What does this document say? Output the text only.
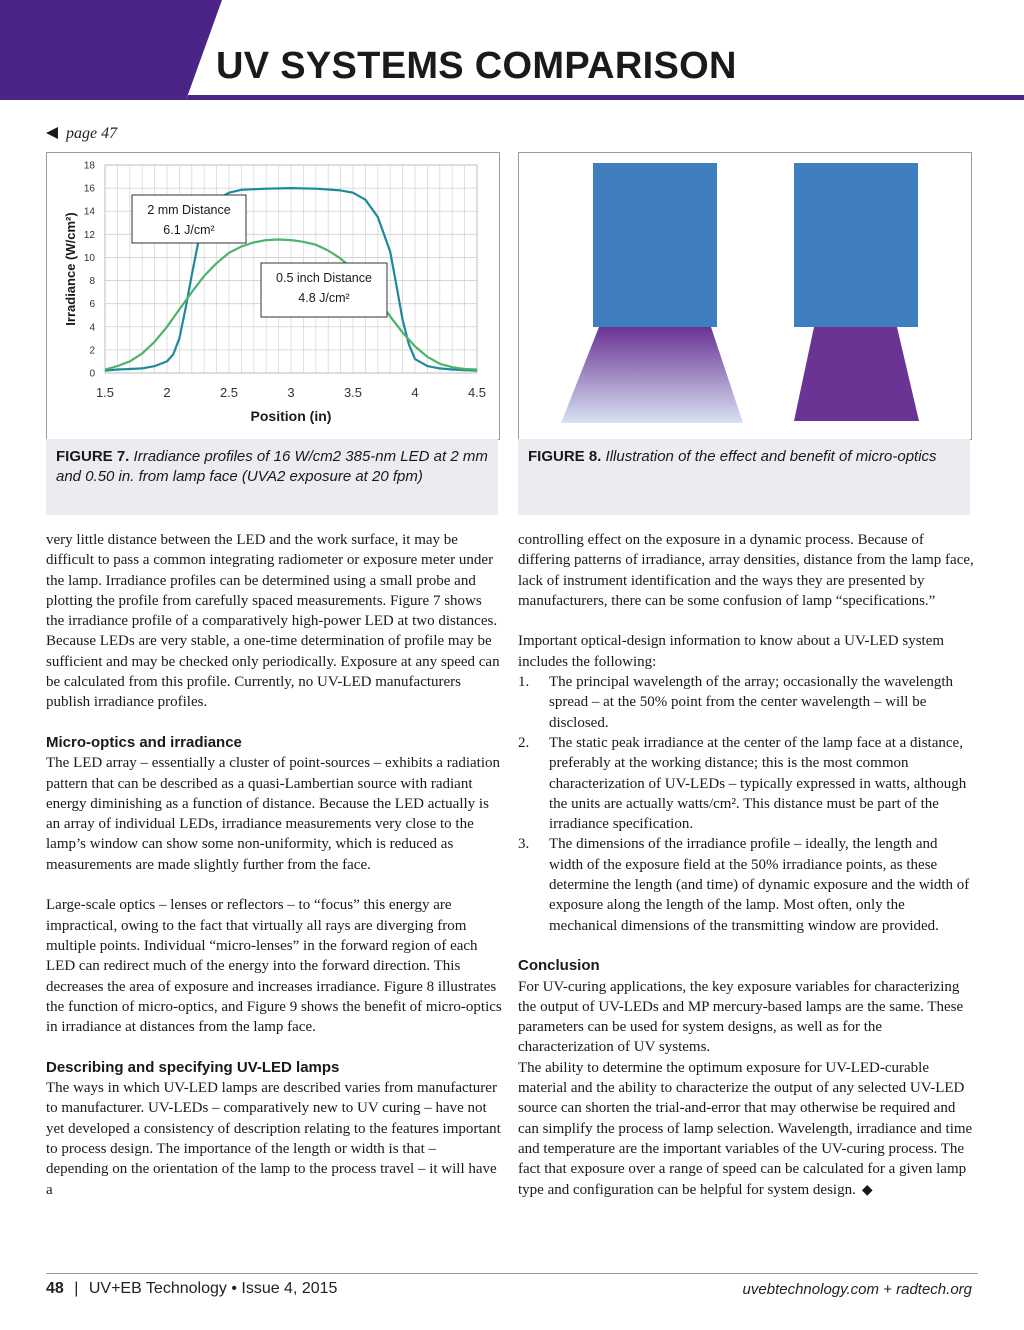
UV SYSTEMS COMPARISON
page 47
0
2
4
6
8
10
12
14
16
18
1.5	2	2.5	3	3.5	4	4.5
Position (in)
Irradiance (W/cm²)
2 mm Distance
6.1 J/cm²
0.5 inch Distance
4.8 J/cm²
FIGURE 7. Irradiance profiles of 16 W/cm2 385-nm LED at 2 mm and 0.50 in. from lamp face (UVA2 exposure at 20 fpm)
FIGURE 8. Illustration of the effect and benefit of micro-optics

very little distance between the LED and the work surface, it may be difficult to pass a common integrating radiometer or exposure meter under the lamp. Irradiance profiles can be determined using a small probe and plotting the profile from carefully spaced measurements. Figure 7 shows the irradiance profile of a comparatively high-power LED at two distances. Because LEDs are very stable, a one-time determination of profile may be sufficient and may be checked only periodically. Exposure at any speed can be calculated from this profile. Currently, no UV-LED manufacturers publish irradiance profiles.

Micro-optics and irradiance

The LED array – essentially a cluster of point-sources – exhibits a radiation pattern that can be described as a quasi-Lambertian source with radiant energy diminishing as a function of distance. Because the LED actually is an array of individual LEDs, irradiance measurements very close to the lamp’s window can show some non-uniformity, which is reduced as measurements are made slightly further from the face.

Large-scale optics – lenses or reflectors – to “focus” this energy are impractical, owing to the fact that virtually all rays are diverging from multiple points. Individual “micro-lenses” in the forward region of each LED can redirect much of the energy into the forward direction. This decreases the area of exposure and increases irradiance. Figure 8 illustrates the function of micro-optics, and Figure 9 shows the benefit of micro-optics in irradiance at distances from the lamp face.

Describing and specifying UV-LED lamps

The ways in which UV-LED lamps are described varies from manufacturer to manufacturer. UV-LEDs – comparatively new to UV curing – have not yet developed a consistency of description relating to the features important to process design. The importance of the length or width is that – depending on the orientation of the lamp to the process travel – it will have a

controlling effect on the exposure in a dynamic process. Because of differing patterns of irradiance, array densities, distance from the lamp face, lack of instrument identification and the ways they are presented by manufacturers, there can be some confusion of lamp “specifications.”

Important optical-design information to know about a UV-LED system includes the following:

1.	The principal wavelength of the array; occasionally the wavelength spread – at the 50% point from the center wavelength – will be disclosed.
2.	The static peak irradiance at the center of the lamp face at a distance, preferably at the working distance; this is the most common characterization of UV-LEDs – typically expressed in watts, although the units are actually watts/cm². This distance must be part of the irradiance specification.
3.	The dimensions of the irradiance profile – ideally, the length and width of the exposure field at the 50% irradiance points, as these determine the length (and time) of dynamic exposure and the width of exposure along the length of the lamp. Most often, only the mechanical dimensions of the transmitting window are provided.
Conclusion

For UV-curing applications, the key exposure variables for characterizing the output of UV-LEDs and MP mercury-based lamps are the same. These parameters can be used for system designs, as well as for the characterization of UV systems.

The ability to determine the optimum exposure for UV-LED-curable material and the ability to characterize the output of any selected UV-LED source can shorten the trial-and-error that may otherwise be required and can simplify the process of lamp selection. Wavelength, irradiance and time and temperature are the important variables of the UV-curing process. The fact that exposure over a range of speed can be calculated for a given lamp type and configuration can be helpful for system design. ◆

48 | UV+EB Technology • Issue 4, 2015	uvebtechnology.com + radtech.org
